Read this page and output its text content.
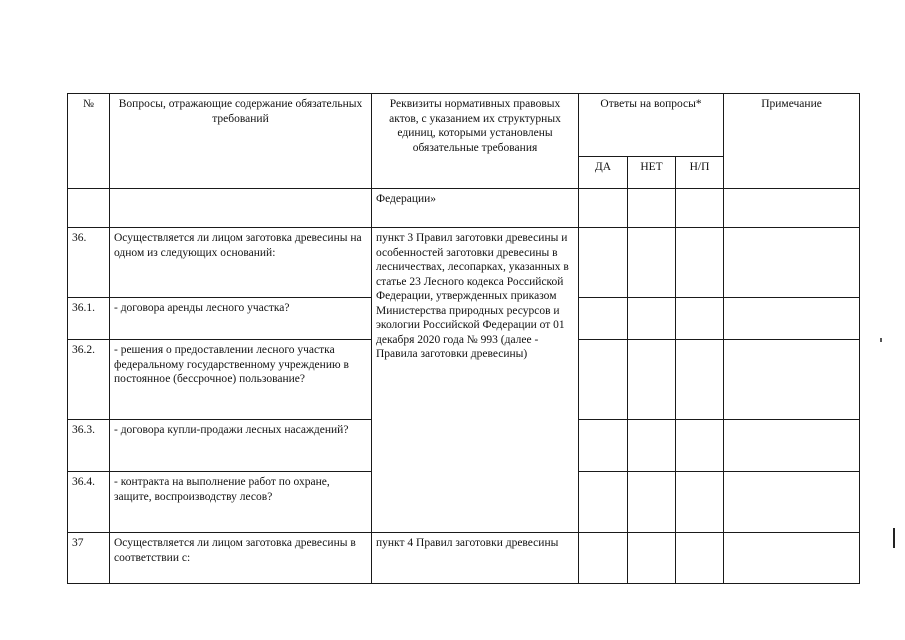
№	Вопросы, отражающие содержание обязательных требований	Реквизиты нормативных правовых актов, с указанием их структурных единиц, которыми установлены обязательные требования	Ответы на вопросы*			Примечание
			ДА	НЕТ	Н/П	
		Федерации»				
36.	Осуществляется ли лицом заготовка древесины на одном из следующих оснований:	пункт 3 Правил заготовки древесины и особенностей заготовки древесины в лесничествах, лесопарках, указанных в статье 23 Лесного кодекса Российской Федерации, утвержденных приказом Министерства природных ресурсов и экологии Российской Федерации от 01 декабря 2020 года № 993 (далее - Правила заготовки древесины)				
36.1.	- договора аренды лесного участка?					
36.2.	- решения о предоставлении лесного участка федеральному государственному учреждению в постоянное (бессрочное) пользование?					
36.3.	- договора купли-продажи лесных насаждений?					
36.4.	- контракта на выполнение работ по охране, защите, воспроизводству лесов?					
37	Осуществляется ли лицом заготовка древесины в соответствии с:	пункт 4 Правил заготовки древесины				
